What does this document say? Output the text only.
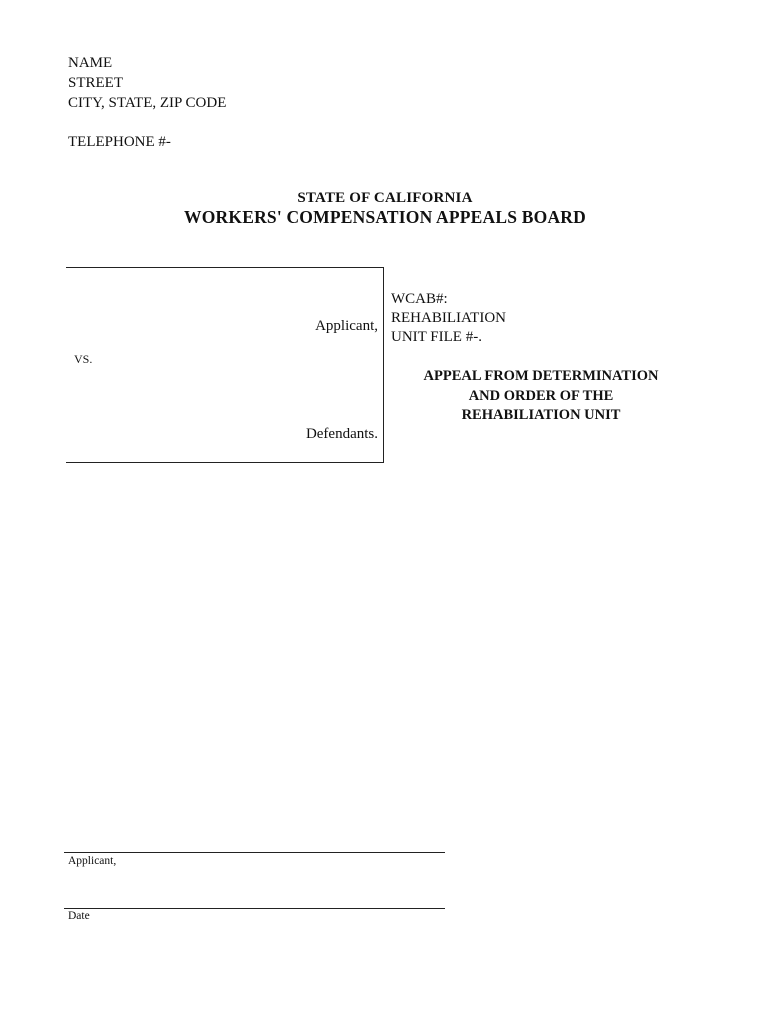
NAME
STREET
CITY, STATE, ZIP CODE
TELEPHONE #-
STATE OF CALIFORNIA
WORKERS' COMPENSATION APPEALS BOARD
Applicant,
VS.
Defendants.
WCAB#:
REHABILIATION
UNIT FILE #-.
APPEAL FROM DETERMINATION
AND ORDER OF THE
REHABILIATION UNIT
Applicant,
Date
